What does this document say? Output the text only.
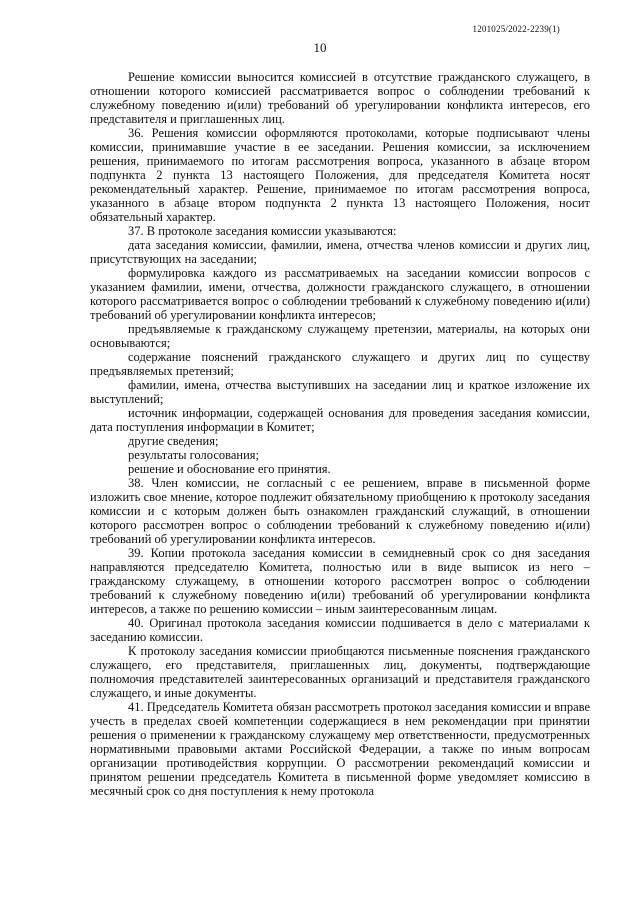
1201025/2022-2239(1)
10

Решение комиссии выносится комиссией в отсутствие гражданского служащего, в отношении которого комиссией рассматривается вопрос о соблюдении требований к служебному поведению и(или) требований об урегулировании конфликта интересов, его представителя и приглашенных лиц.

36. Решения комиссии оформляются протоколами, которые подписывают члены комиссии, принимавшие участие в ее заседании. Решения комиссии, за исключением решения, принимаемого по итогам рассмотрения вопроса, указанного в абзаце втором подпункта 2 пункта 13 настоящего Положения, для председателя Комитета носят рекомендательный характер. Решение, принимаемое по итогам рассмотрения вопроса, указанного в абзаце втором подпункта 2 пункта 13 настоящего Положения, носит обязательный характер.

37. В протоколе заседания комиссии указываются:

дата заседания комиссии, фамилии, имена, отчества членов комиссии и других лиц, присутствующих на заседании;

формулировка каждого из рассматриваемых на заседании комиссии вопросов с указанием фамилии, имени, отчества, должности гражданского служащего, в отношении которого рассматривается вопрос о соблюдении требований к служебному поведению и(или) требований об урегулировании конфликта интересов;

предъявляемые к гражданскому служащему претензии, материалы, на которых они основываются;

содержание пояснений гражданского служащего и других лиц по существу предъявляемых претензий;

фамилии, имена, отчества выступивших на заседании лиц и краткое изложение их выступлений;

источник информации, содержащей основания для проведения заседания комиссии, дата поступления информации в Комитет;

другие сведения;

результаты голосования;

решение и обоснование его принятия.

38. Член комиссии, не согласный с ее решением, вправе в письменной форме изложить свое мнение, которое подлежит обязательному приобщению к протоколу заседания комиссии и с которым должен быть ознакомлен гражданский служащий, в отношении которого рассмотрен вопрос о соблюдении требований к служебному поведению и(или) требований об урегулировании конфликта интересов.

39. Копии протокола заседания комиссии в семидневный срок со дня заседания направляются председателю Комитета, полностью или в виде выписок из него – гражданскому служащему, в отношении которого рассмотрен вопрос о соблюдении требований к служебному поведению и(или) требований об урегулировании конфликта интересов, а также по решению комиссии – иным заинтересованным лицам.

40. Оригинал протокола заседания комиссии подшивается в дело с материалами к заседанию комиссии.

К протоколу заседания комиссии приобщаются письменные пояснения гражданского служащего, его представителя, приглашенных лиц, документы, подтверждающие полномочия представителей заинтересованных организаций и представителя гражданского служащего, и иные документы.

41. Председатель Комитета обязан рассмотреть протокол заседания комиссии и вправе учесть в пределах своей компетенции содержащиеся в нем рекомендации при принятии решения о применении к гражданскому служащему мер ответственности, предусмотренных нормативными правовыми актами Российской Федерации, а также по иным вопросам организации противодействия коррупции. О рассмотрении рекомендаций комиссии и принятом решении председатель Комитета в письменной форме уведомляет комиссию в месячный срок со дня поступления к нему протокола
